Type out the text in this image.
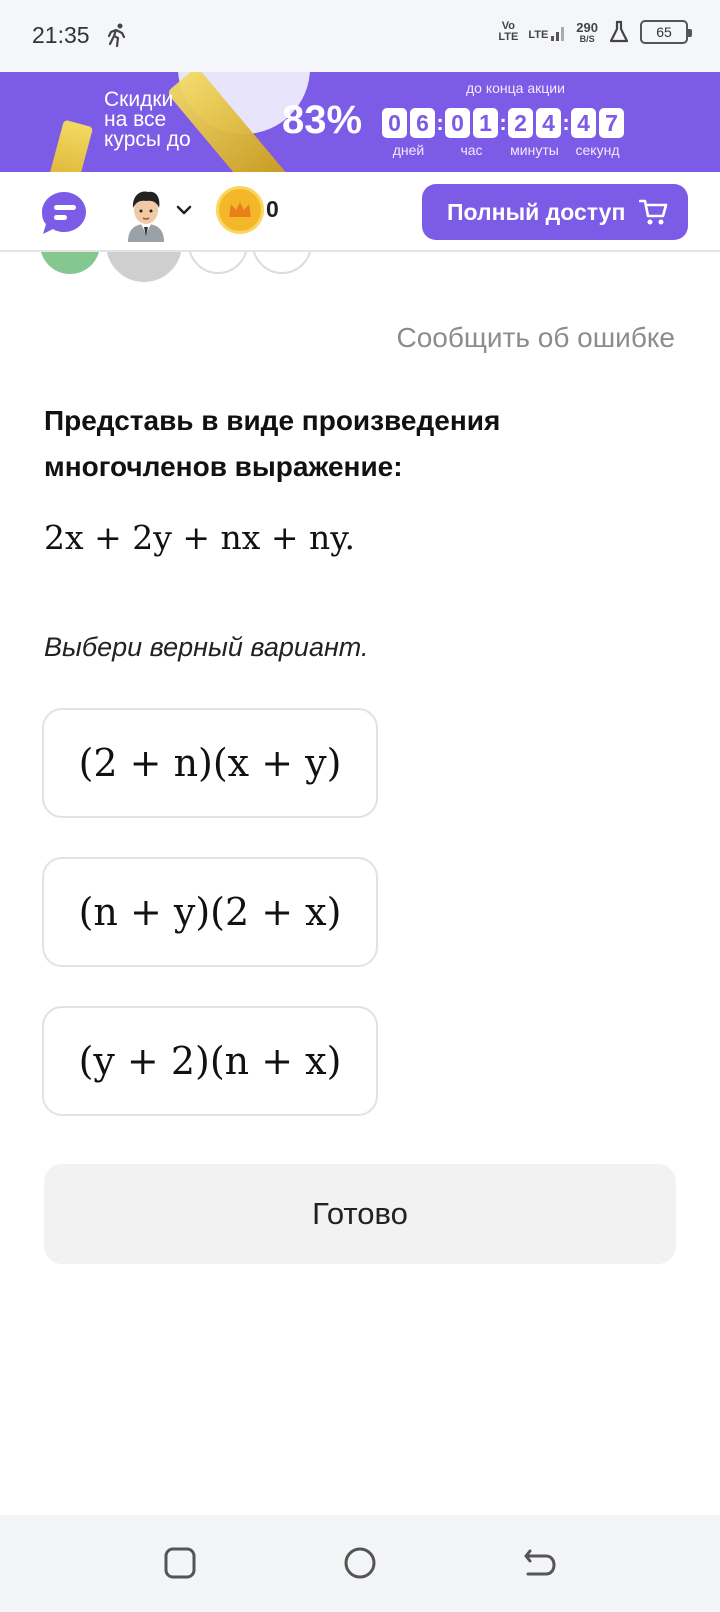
21:35	Vo
LTE LTE
290
B/S	65
Скидки
на все
курсы до 83%
до конца акции
0 6
дней
: 0 1
час
: 2 4
минуты
: 4 7
секунд
0	Полный доступ
Сообщить об ошибке
Представь в виде произведения многочленов выражение:
2x + 2y + nx + ny.
Выбери верный вариант.
(2 + n)(x + y)
(n + y)(2 + x)
(y + 2)(n + x)
Готово
